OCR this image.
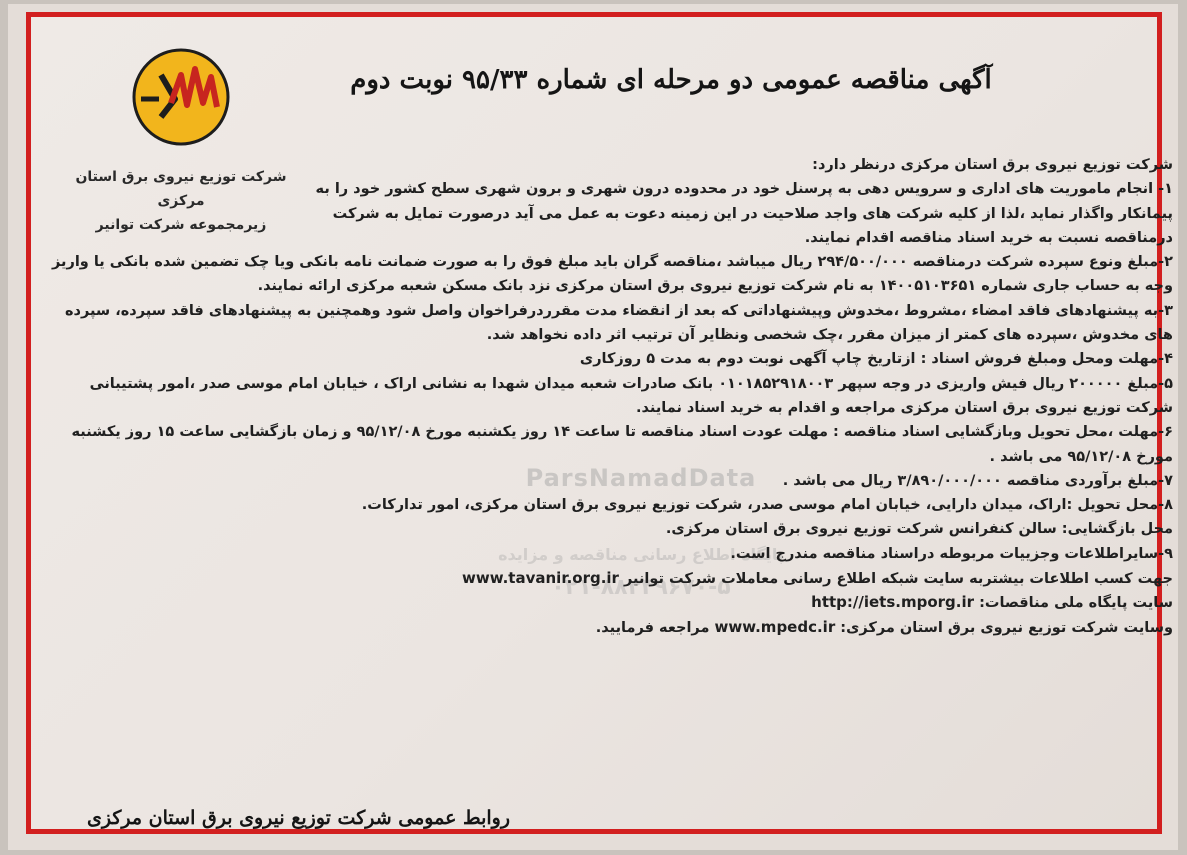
شرکت توزیع نیروی برق استان مرکزی
زیرمجموعه شرکت توانیر
آگهی مناقصه عمومی دو مرحله ای شماره ۹۵/۳۳ نوبت دوم
ParsNamadData
پایگاه اطلاع رسانی مناقصه و مزایده
۰۲۱-۸۸۳۴۹۶۷۰-۵
شرکت توزیع نیروی برق استان مرکزی درنظر دارد:
۱- انجام ماموریت های اداری و سرویس دهی به پرسنل خود در محدوده درون شهری و برون شهری سطح کشور خود را به
پیمانکار واگذار نماید ،لذا از کلیه شرکت های واجد صلاحیت در این زمینه دعوت به عمل می آید درصورت تمایل به شرکت
درمناقصه نسبت به خرید اسناد مناقصه اقدام نمایند.
۲-مبلغ ونوع سپرده شرکت درمناقصه ۲۹۴/۵۰۰/۰۰۰ ریال میباشد ،مناقصه گران باید مبلغ فوق را به صورت ضمانت نامه بانکی ویا چک تضمین شده بانکی یا واریز
وجه به حساب جاری شماره ۱۴۰۰۵۱۰۳۶۵۱ به نام شرکت توزیع نیروی برق استان مرکزی نزد بانک مسکن شعبه مرکزی ارائه نمایند.
۳-به پیشنهادهای فاقد امضاء ،مشروط ،مخدوش وپیشنهاداتی که بعد از انقضاء مدت مقرردرفراخوان واصل شود وهمچنین به پیشنهادهای فاقد سپرده، سپرده
های مخدوش ،سپرده های کمتر از میزان مقرر ،چک شخصی ونظایر آن ترتیب اثر داده نخواهد شد.
۴-مهلت ومحل ومبلغ فروش اسناد : ازتاریخ چاپ آگهی نوبت دوم به مدت ۵ روزکاری
۵-مبلغ ۲۰۰۰۰۰ ریال فیش واریزی در وجه سپهر ۰۱۰۱۸۵۲۹۱۸۰۰۳ بانک صادرات شعبه میدان شهدا به نشانی اراک ، خیابان امام موسی صدر ،امور پشتیبانی
شرکت توزیع نیروی برق استان مرکزی مراجعه و اقدام به خرید اسناد نمایند.
۶-مهلت ،محل تحویل وبازگشایی اسناد مناقصه : مهلت عودت اسناد مناقصه تا ساعت ۱۴ روز یکشنبه مورخ ۹۵/۱۲/۰۸ و زمان بازگشایی ساعت ۱۵ روز یکشنبه
مورخ ۹۵/۱۲/۰۸ می باشد .
۷-مبلغ برآوردی مناقصه ۳/۸۹۰/۰۰۰/۰۰۰ ریال می باشد .
۸-محل تحویل :اراک، میدان دارایی، خیابان امام موسی صدر، شرکت توزیع نیروی برق استان مرکزی، امور تدارکات.
محل بازگشایی: سالن کنفرانس شرکت توزیع نیروی برق استان مرکزی.
۹-سایراطلاعات وجزییات مربوطه دراسناد مناقصه مندرج است.
جهت کسب اطلاعات بیشتربه سایت شبکه اطلاع رسانی معاملات شرکت توانیر www.tavanir.org.ir
سایت پایگاه ملی مناقصات: http://iets.mporg.ir
وسایت شرکت توزیع نیروی برق استان مرکزی: www.mpedc.ir مراجعه فرمایید.
روابط عمومی شرکت توزیع نیروی برق استان مرکزی
